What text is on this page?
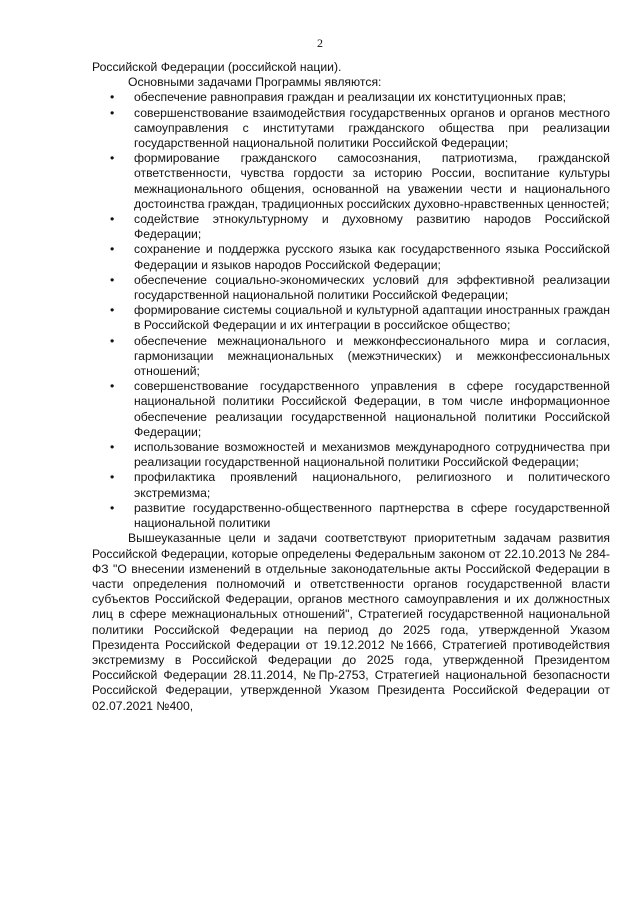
2

Российской Федерации (российской нации).

Основными задачами Программы являются:

• обеспечение равноправия граждан и реализации их конституционных прав;
• совершенствование взаимодействия государственных органов и органов местного самоуправления с институтами гражданского общества при реализации государственной национальной политики Российской Федерации;
• формирование гражданского самосознания, патриотизма, гражданской ответственности, чувства гордости за историю России, воспитание культуры межнационального общения, основанной на уважении чести и национального достоинства граждан, традиционных российских духовно-нравственных ценностей;
• содействие этнокультурному и духовному развитию народов Российской Федерации;
• сохранение и поддержка русского языка как государственного языка Российской Федерации и языков народов Российской Федерации;
• обеспечение социально-экономических условий для эффективной реализации государственной национальной политики Российской Федерации;
• формирование системы социальной и культурной адаптации иностранных граждан в Российской Федерации и их интеграции в российское общество;
• обеспечение межнационального и межконфессионального мира и согласия, гармонизации межнациональных (межэтнических) и межконфессиональных отношений;
• совершенствование государственного управления в сфере государственной национальной политики Российской Федерации, в том числе информационное обеспечение реализации государственной национальной политики Российской Федерации;
• использование возможностей и механизмов международного сотрудничества при реализации государственной национальной политики Российской Федерации;
• профилактика проявлений национального, религиозного и политического экстремизма;
• развитие государственно-общественного партнерства в сфере государственной национальной политики

Вышеуказанные цели и задачи соответствуют приоритетным задачам развития Российской Федерации, которые определены Федеральным законом от 22.10.2013 № 284-ФЗ "О внесении изменений в отдельные законодательные акты Российской Федерации в части определения полномочий и ответственности органов государственной власти субъектов Российской Федерации, органов местного самоуправления и их должностных лиц в сфере межнациональных отношений", Стратегией государственной национальной политики Российской Федерации на период до 2025 года, утвержденной Указом Президента Российской Федерации от 19.12.2012 №1666, Стратегией противодействия экстремизму в Российской Федерации до 2025 года, утвержденной Президентом Российской Федерации 28.11.2014, №Пр-2753, Стратегией национальной безопасности Российской Федерации, утвержденной Указом Президента Российской Федерации от 02.07.2021 №400,
